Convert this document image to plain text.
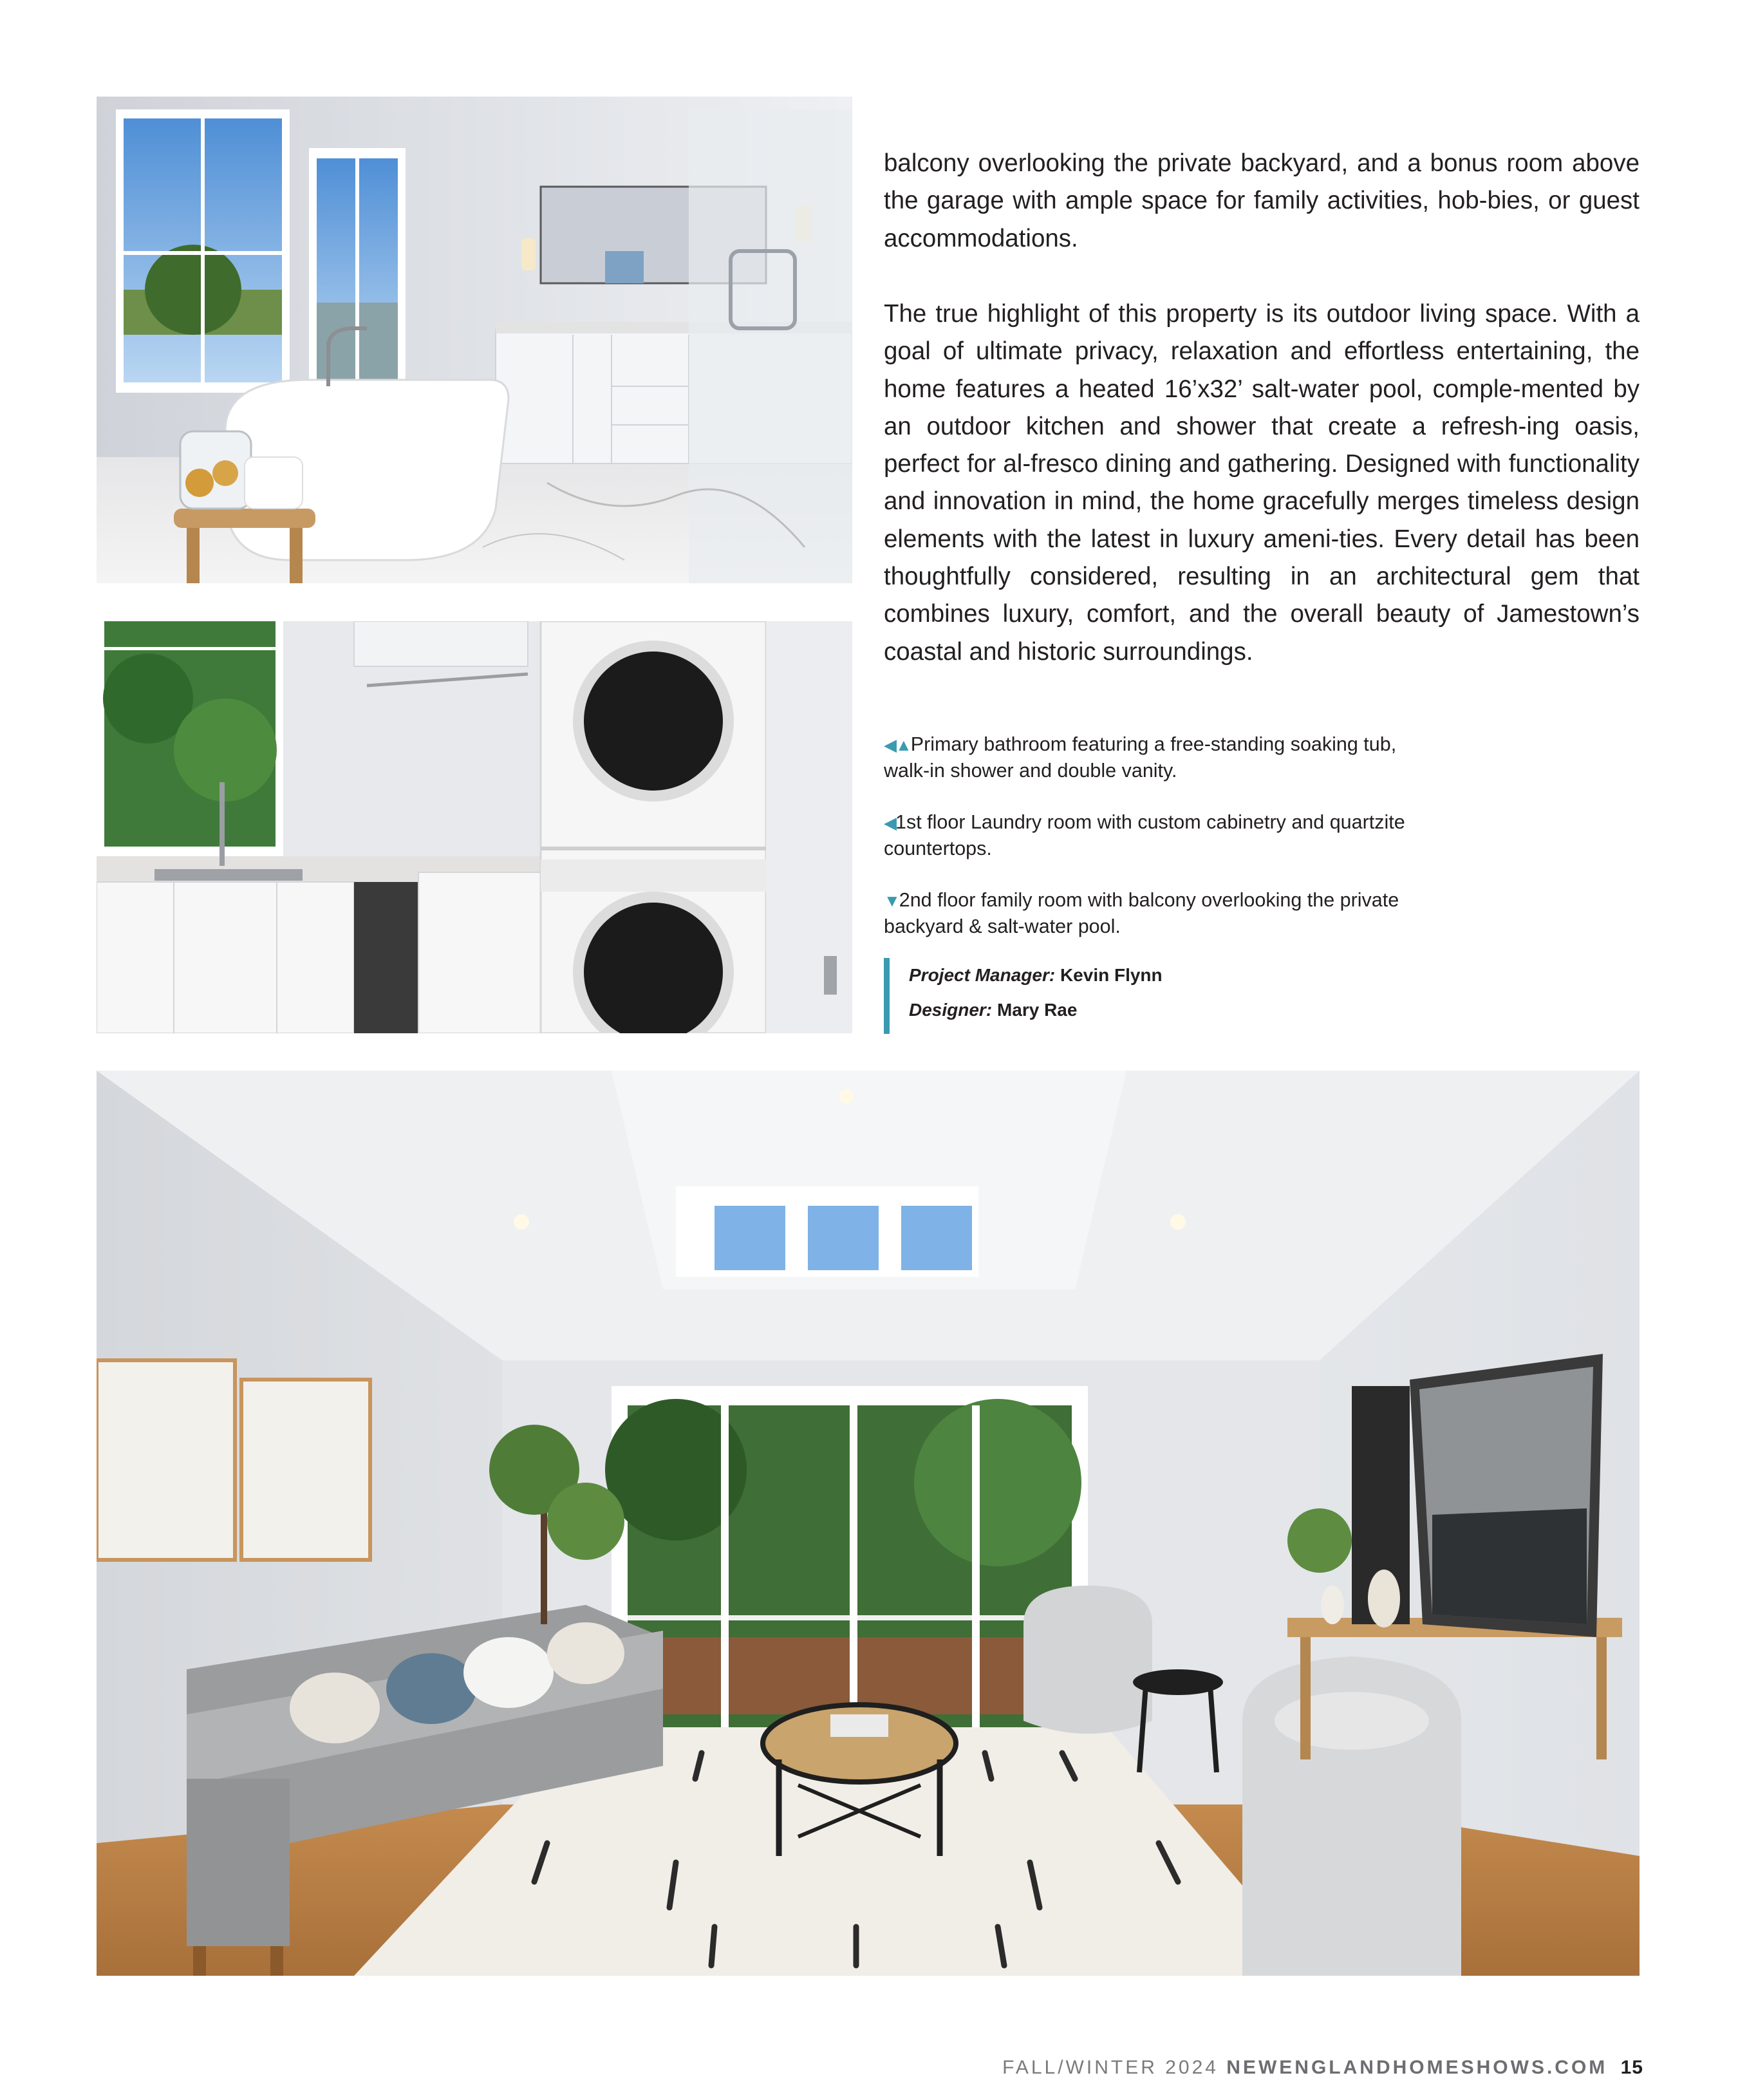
balcony overlooking the private backyard, and a bonus room above the garage with ample space for family activities, hob-bies, or guest accommodations.

The true highlight of this property is its outdoor living space. With a goal of ultimate privacy, relaxation and effortless entertaining, the home features a heated 16’x32’ salt-water pool, comple-mented by an outdoor kitchen and shower that create a refresh-ing oasis, perfect for al-fresco dining and gathering. Designed with functionality and innovation in mind, the home gracefully merges timeless design elements with the latest in luxury ameni-ties. Every detail has been thoughtfully considered, resulting in an architectural gem that combines luxury, comfort, and the overall beauty of Jamestown’s coastal and historic surroundings.

◀▲Primary bathroom featuring a free-standing soaking tub, walk-in shower and double vanity.

◀1st floor Laundry room with custom cabinetry and quartzite countertops.

▼2nd floor family room with balcony overlooking the private backyard & salt-water pool.

Project Manager: Kevin Flynn
Designer: Mary Rae
FALL/WINTER 2024 NEWENGLANDHOMESHOWS.COM 15
